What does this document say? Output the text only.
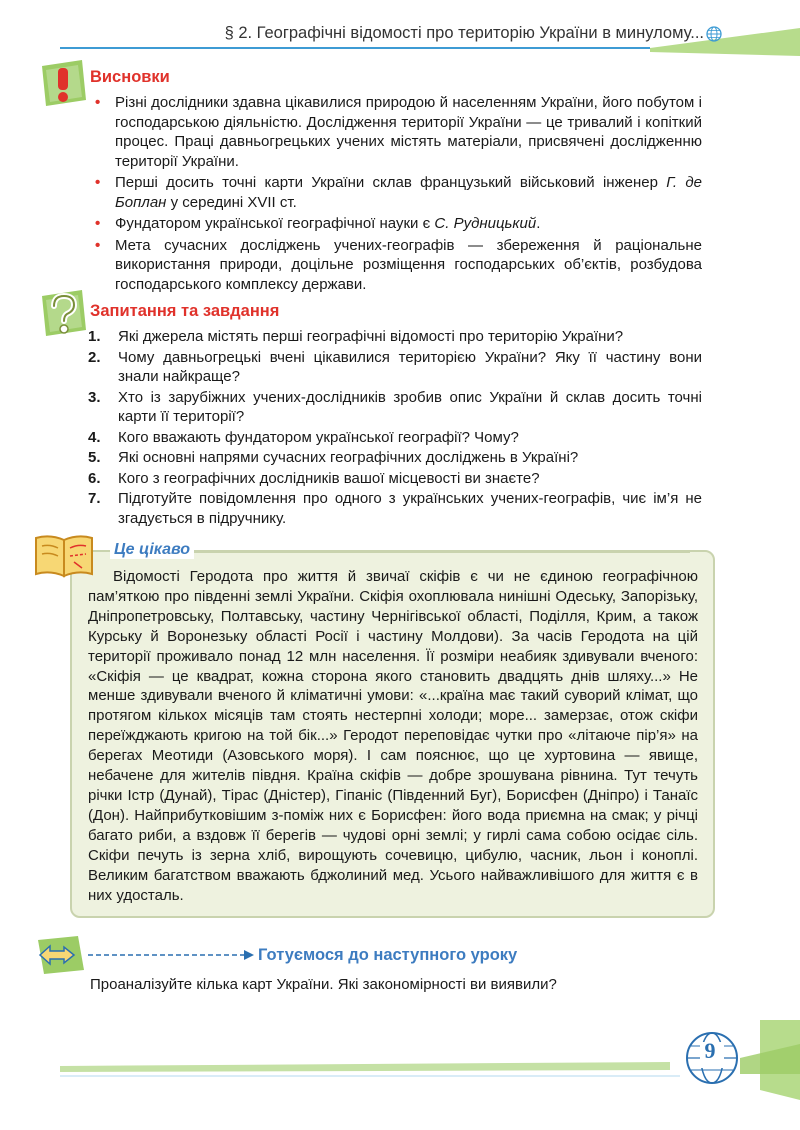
§ 2. Географічні відомості про територію України в минулому...
Висновки
• Різні дослідники здавна цікавилися природою й населенням України, його побутом і господарською діяльністю. Дослідження території України — це тривалий і копіткий процес. Праці давньогрецьких учених містять матеріали, присвячені дослідженню території України.
• Перші досить точні карти України склав французький військовий інженер Г. де Боплан у середині XVII ст.
• Фундатором української географічної науки є С. Рудницький.
• Мета сучасних досліджень учених-географів — збереження й раціональне використання природи, доцільне розміщення господарських об’єктів, розбудова господарського комплексу держави.
Запитання та завдання
1. Які джерела містять перші географічні відомості про територію України?
2. Чому давньогрецькі вчені цікавилися територією України? Яку її частину вони знали найкраще?
3. Хто із зарубіжних учених-дослідників зробив опис України й склав досить точні карти її території?
4. Кого вважають фундатором української географії? Чому?
5. Які основні напрями сучасних географічних досліджень в Україні?
6. Кого з географічних дослідників вашої місцевості ви знаєте?
7. Підготуйте повідомлення про одного з українських учених-географів, чиє ім’я не згадується в підручнику.
Це цікаво

Відомості Геродота про життя й звичаї скіфів є чи не єдиною географічною пам’яткою про південні землі України. Скіфія охоплювала нинішні Одеську, Запорізьку, Дніпропетровську, Полтавську, частину Чернігівської області, Поділля, Крим, а також Курську й Воронезьку області Росії і частину Молдови). За часів Геродота на цій території проживало понад 12 млн населення. Її розміри неабияк здивували вченого: «Скіфія — це квадрат, кожна сторона якого становить двадцять днів шляху...» Не менше здивували вченого й кліматичні умови: «...країна має такий суворий клімат, що протягом кількох місяців там стоять нестерпні холоди; море... замерзає, отож скіфи переїжджають кригою на той бік...» Геродот переповідає чутки про «літаюче пір’я» на берегах Меотиди (Азовського моря). І сам пояснює, що це хуртовина — явище, небачене для жителів півдня. Країна скіфів — добре зрошувана рівнина. Тут течуть річки Істр (Дунай), Тірас (Дністер), Гіпаніс (Південний Буг), Борисфен (Дніпро) і Танаїс (Дон). Найприбутковішим з-поміж них є Борисфен: його вода приємна на смак; у річці багато риби, а вздовж її берегів — чудові орні землі; у гирлі сама собою осідає сіль. Скіфи печуть із зерна хліб, вирощують сочевицю, цибулю, часник, льон і коноплі. Великим багатством вважають бджолиний мед. Усього найважливішого для життя є в них удосталь.

Готуємося до наступного уроку
Проаналізуйте кілька карт України. Які закономірності ви виявили?
9
